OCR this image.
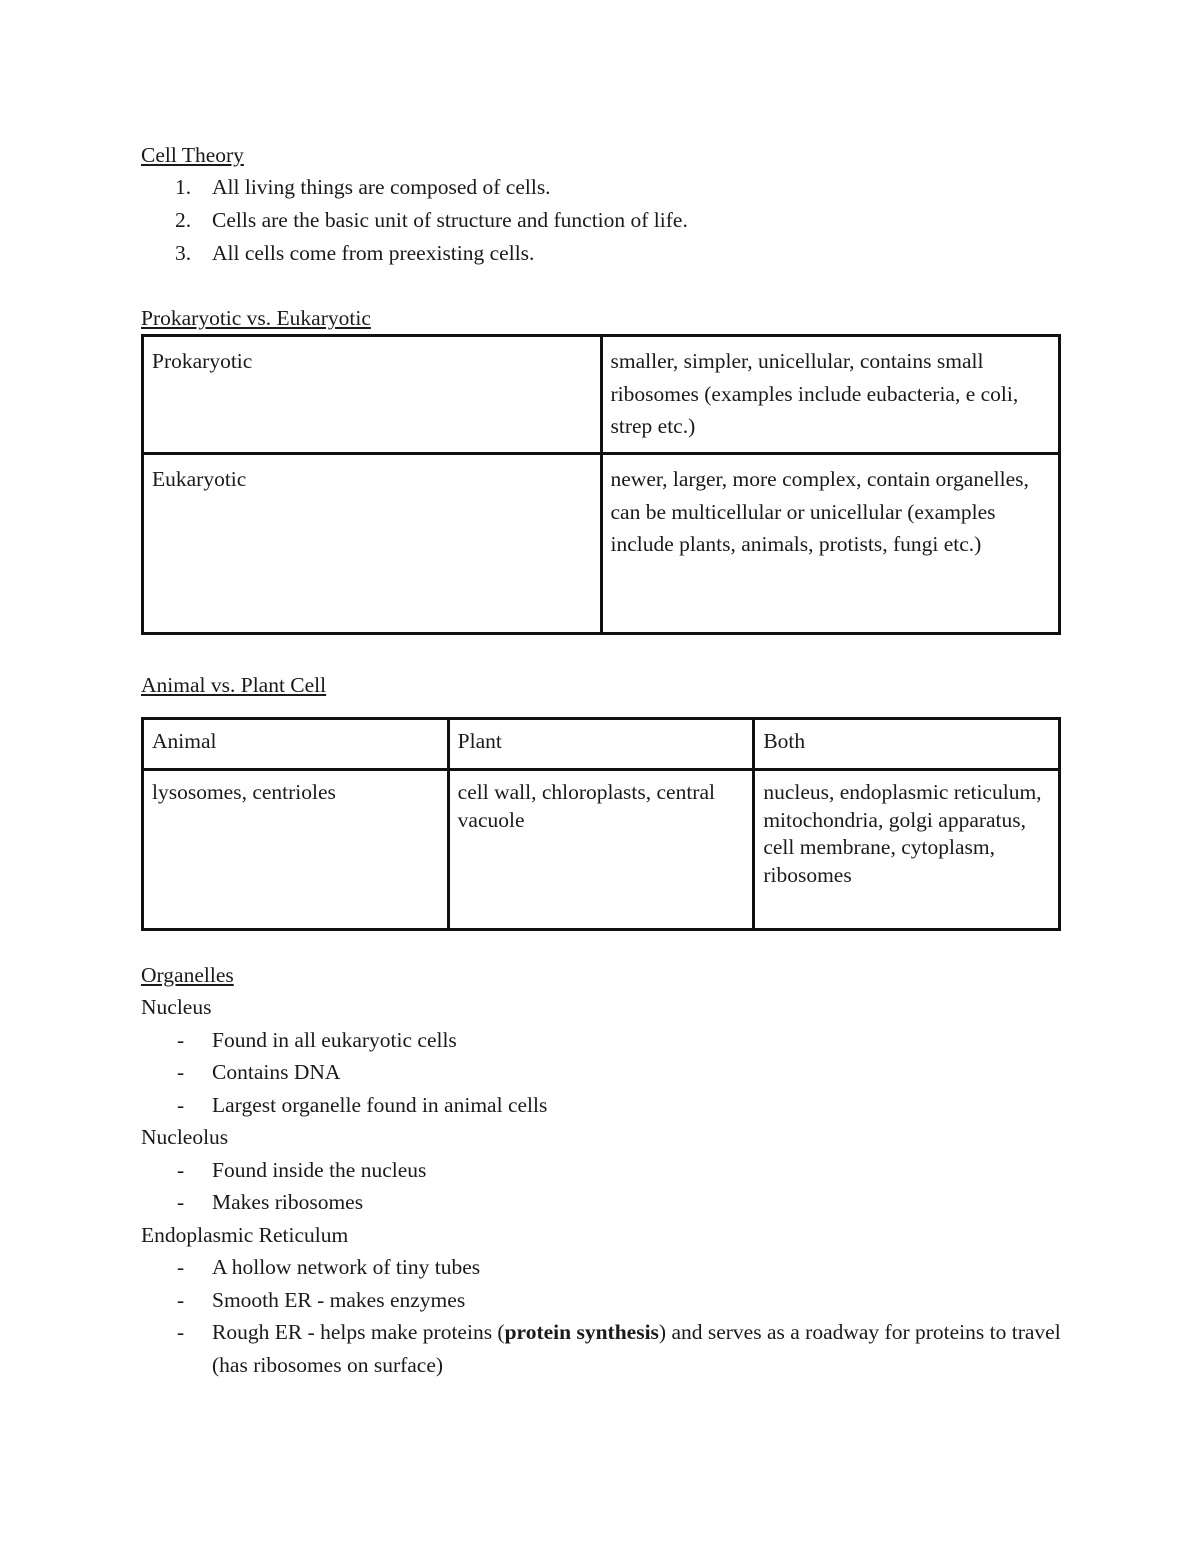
Cell Theory
1. All living things are composed of cells.
2. Cells are the basic unit of structure and function of life.
3. All cells come from preexisting cells.
Prokaryotic vs. Eukaryotic
Prokaryotic	smaller, simpler, unicellular, contains small ribosomes (examples include eubacteria, e coli, strep etc.)
Eukaryotic	newer, larger, more complex, contain organelles, can be multicellular or unicellular (examples include plants, animals, protists, fungi etc.)
Animal vs. Plant Cell
Animal	Plant	Both
lysosomes, centrioles	cell wall, chloroplasts, central vacuole	nucleus, endoplasmic reticulum, mitochondria, golgi apparatus, cell membrane, cytoplasm, ribosomes
Organelles
Nucleus
- Found in all eukaryotic cells
- Contains DNA
- Largest organelle found in animal cells
Nucleolus
- Found inside the nucleus
- Makes ribosomes
Endoplasmic Reticulum
- A hollow network of tiny tubes
- Smooth ER - makes enzymes
- Rough ER - helps make proteins (protein synthesis) and serves as a roadway for proteins to travel (has ribosomes on surface)
